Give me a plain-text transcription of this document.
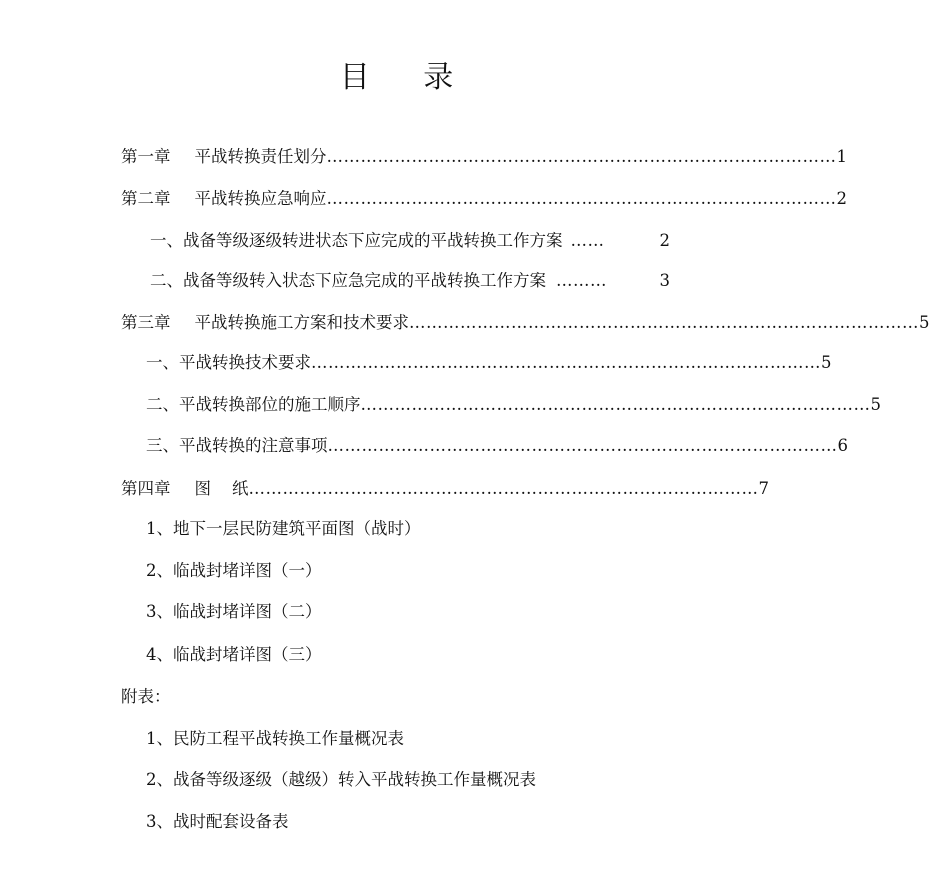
目 录
第一章	平战转换责任划分 ……………………………………………………………………………… 1
第二章	平战转换应急响应 ……………………………………………………………………………… 2
一、战备等级逐级转进状态下应完成的平战转换工作方案 ……	2
二、战备等级转入状态下应急完成的平战转换工作方案 ………	3
第三章	平战转换施工方案和技术要求 ……………………………………………………………………………… 5
一、平战转换技术要求 ……………………………………………………………………………… 5
二、平战转换部位的施工顺序 ……………………………………………………………………………… 5
三、平战转换的注意事项 ……………………………………………………………………………… 6
第四章	图    纸 ……………………………………………………………………………… 7
1、地下一层民防建筑平面图（战时）
2、临战封堵详图（一）
3、临战封堵详图（二）
4、临战封堵详图（三）
附表：
1、民防工程平战转换工作量概况表
2、战备等级逐级（越级）转入平战转换工作量概况表
3、战时配套设备表
